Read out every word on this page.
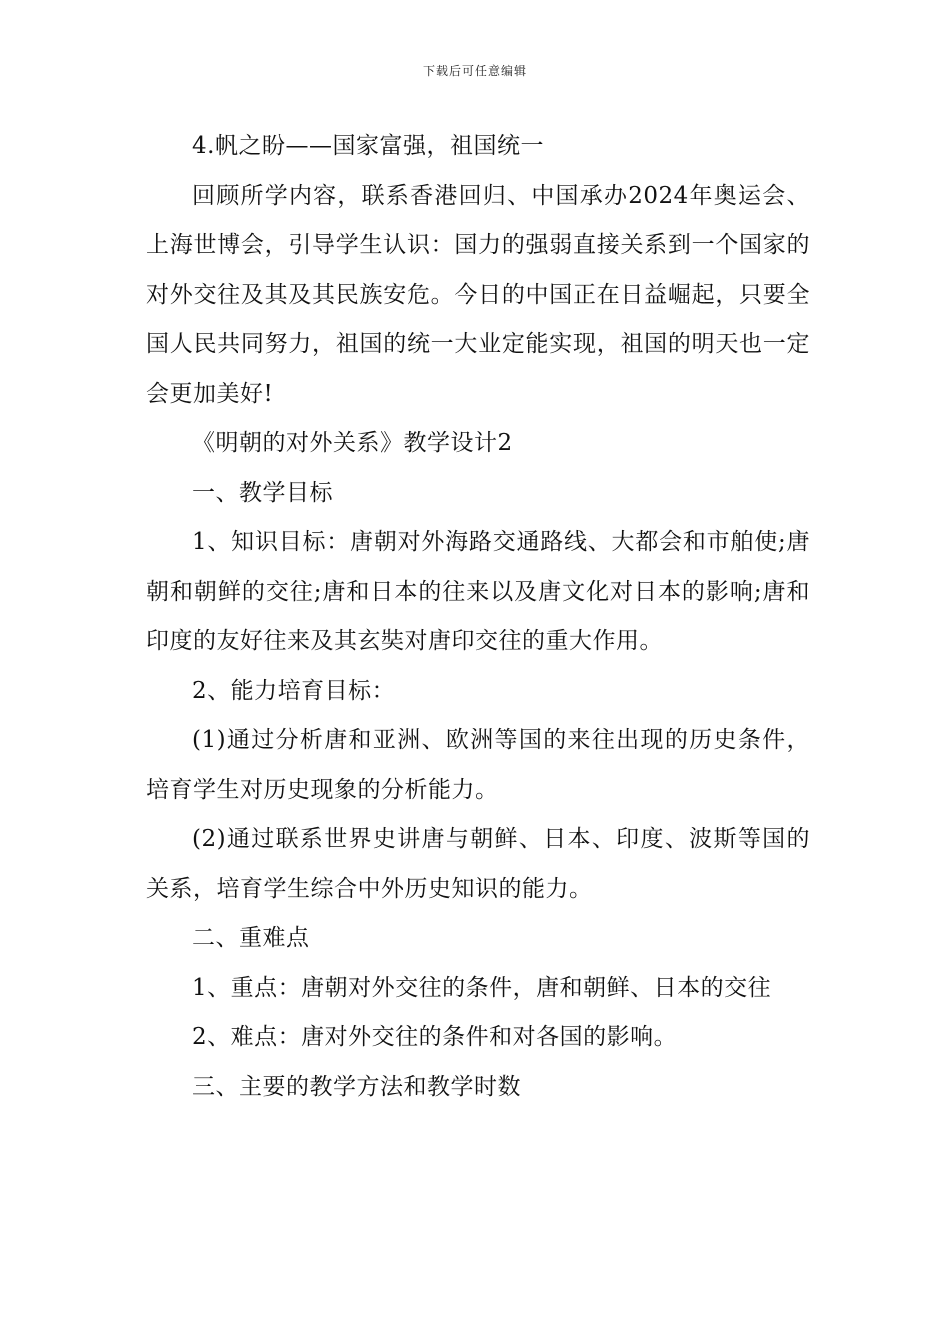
下载后可任意编辑

4.帆之盼——国家富强，祖国统一

回顾所学内容，联系香港回归、中国承办2024年奥运会、上海世博会，引导学生认识：国力的强弱直接关系到一个国家的对外交往及其及其民族安危。今日的中国正在日益崛起，只要全国人民共同努力，祖国的统一大业定能实现，祖国的明天也一定会更加美好!

《明朝的对外关系》教学设计2

一、教学目标

1、知识目标：唐朝对外海路交通路线、大都会和市舶使;唐朝和朝鲜的交往;唐和日本的往来以及唐文化对日本的影响;唐和印度的友好往来及其玄奘对唐印交往的重大作用。

2、能力培育目标：

(1)通过分析唐和亚洲、欧洲等国的来往出现的历史条件，培育学生对历史现象的分析能力。

(2)通过联系世界史讲唐与朝鲜、日本、印度、波斯等国的关系，培育学生综合中外历史知识的能力。

二、重难点

1、重点：唐朝对外交往的条件，唐和朝鲜、日本的交往

2、难点：唐对外交往的条件和对各国的影响。

三、主要的教学方法和教学时数
